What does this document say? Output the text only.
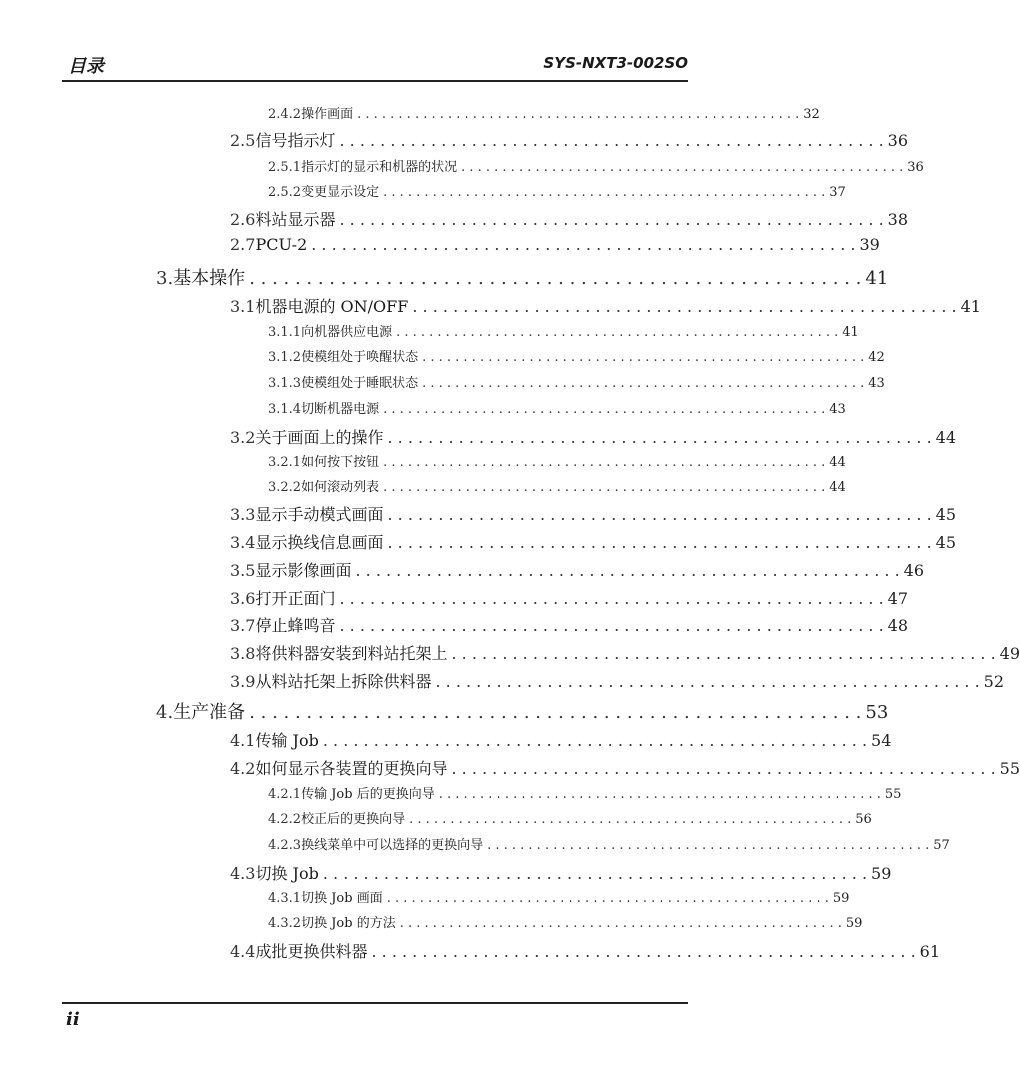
目录	SYS-NXT3-002SO
2.4.2 操作画面 . . . . . . . . . . . . . . . . . . . . . . . . . . . . . . . . . . . . . . . . . . . . . . . . . . . . . . 32
2.5 信号指示灯 . . . . . . . . . . . . . . . . . . . . . . . . . . . . . . . . . . . . . . . . . . . . . . . . . . . . . . 36
2.5.1 指示灯的显示和机器的状况 . . . . . . . . . . . . . . . . . . . . . . . . . . . . . . . . . . . . . . . . . . . . . . . . . . . . . . 36
2.5.2 变更显示设定 . . . . . . . . . . . . . . . . . . . . . . . . . . . . . . . . . . . . . . . . . . . . . . . . . . . . . . 37
2.6 料站显示器 . . . . . . . . . . . . . . . . . . . . . . . . . . . . . . . . . . . . . . . . . . . . . . . . . . . . . . 38
2.7 PCU-2 . . . . . . . . . . . . . . . . . . . . . . . . . . . . . . . . . . . . . . . . . . . . . . . . . . . . . . 39
3. 基本操作 . . . . . . . . . . . . . . . . . . . . . . . . . . . . . . . . . . . . . . . . . . . . . . . . . . . . . . 41
3.1 机器电源的 ON/OFF . . . . . . . . . . . . . . . . . . . . . . . . . . . . . . . . . . . . . . . . . . . . . . . . . . . . . . 41
3.1.1 向机器供应电源 . . . . . . . . . . . . . . . . . . . . . . . . . . . . . . . . . . . . . . . . . . . . . . . . . . . . . . 41
3.1.2 使模组处于唤醒状态 . . . . . . . . . . . . . . . . . . . . . . . . . . . . . . . . . . . . . . . . . . . . . . . . . . . . . . 42
3.1.3 使模组处于睡眠状态 . . . . . . . . . . . . . . . . . . . . . . . . . . . . . . . . . . . . . . . . . . . . . . . . . . . . . . 43
3.1.4 切断机器电源 . . . . . . . . . . . . . . . . . . . . . . . . . . . . . . . . . . . . . . . . . . . . . . . . . . . . . . 43
3.2 关于画面上的操作 . . . . . . . . . . . . . . . . . . . . . . . . . . . . . . . . . . . . . . . . . . . . . . . . . . . . . . 44
3.2.1 如何按下按钮 . . . . . . . . . . . . . . . . . . . . . . . . . . . . . . . . . . . . . . . . . . . . . . . . . . . . . . 44
3.2.2 如何滚动列表 . . . . . . . . . . . . . . . . . . . . . . . . . . . . . . . . . . . . . . . . . . . . . . . . . . . . . . 44
3.3 显示手动模式画面 . . . . . . . . . . . . . . . . . . . . . . . . . . . . . . . . . . . . . . . . . . . . . . . . . . . . . . 45
3.4 显示换线信息画面 . . . . . . . . . . . . . . . . . . . . . . . . . . . . . . . . . . . . . . . . . . . . . . . . . . . . . . 45
3.5 显示影像画面 . . . . . . . . . . . . . . . . . . . . . . . . . . . . . . . . . . . . . . . . . . . . . . . . . . . . . . 46
3.6 打开正面门 . . . . . . . . . . . . . . . . . . . . . . . . . . . . . . . . . . . . . . . . . . . . . . . . . . . . . . 47
3.7 停止蜂鸣音 . . . . . . . . . . . . . . . . . . . . . . . . . . . . . . . . . . . . . . . . . . . . . . . . . . . . . . 48
3.8 将供料器安装到料站托架上 . . . . . . . . . . . . . . . . . . . . . . . . . . . . . . . . . . . . . . . . . . . . . . . . . . . . . . 49
3.9 从料站托架上拆除供料器 . . . . . . . . . . . . . . . . . . . . . . . . . . . . . . . . . . . . . . . . . . . . . . . . . . . . . . 52
4. 生产准备 . . . . . . . . . . . . . . . . . . . . . . . . . . . . . . . . . . . . . . . . . . . . . . . . . . . . . . 53
4.1 传输 Job . . . . . . . . . . . . . . . . . . . . . . . . . . . . . . . . . . . . . . . . . . . . . . . . . . . . . . 54
4.2 如何显示各装置的更换向导 . . . . . . . . . . . . . . . . . . . . . . . . . . . . . . . . . . . . . . . . . . . . . . . . . . . . . . 55
4.2.1 传输 Job 后的更换向导 . . . . . . . . . . . . . . . . . . . . . . . . . . . . . . . . . . . . . . . . . . . . . . . . . . . . . . 55
4.2.2 校正后的更换向导 . . . . . . . . . . . . . . . . . . . . . . . . . . . . . . . . . . . . . . . . . . . . . . . . . . . . . . 56
4.2.3 换线菜单中可以选择的更换向导 . . . . . . . . . . . . . . . . . . . . . . . . . . . . . . . . . . . . . . . . . . . . . . . . . . . . . . 57
4.3 切换 Job . . . . . . . . . . . . . . . . . . . . . . . . . . . . . . . . . . . . . . . . . . . . . . . . . . . . . . 59
4.3.1 切换 Job 画面 . . . . . . . . . . . . . . . . . . . . . . . . . . . . . . . . . . . . . . . . . . . . . . . . . . . . . . 59
4.3.2 切换 Job 的方法 . . . . . . . . . . . . . . . . . . . . . . . . . . . . . . . . . . . . . . . . . . . . . . . . . . . . . . 59
4.4 成批更换供料器 . . . . . . . . . . . . . . . . . . . . . . . . . . . . . . . . . . . . . . . . . . . . . . . . . . . . . . 61
ii
